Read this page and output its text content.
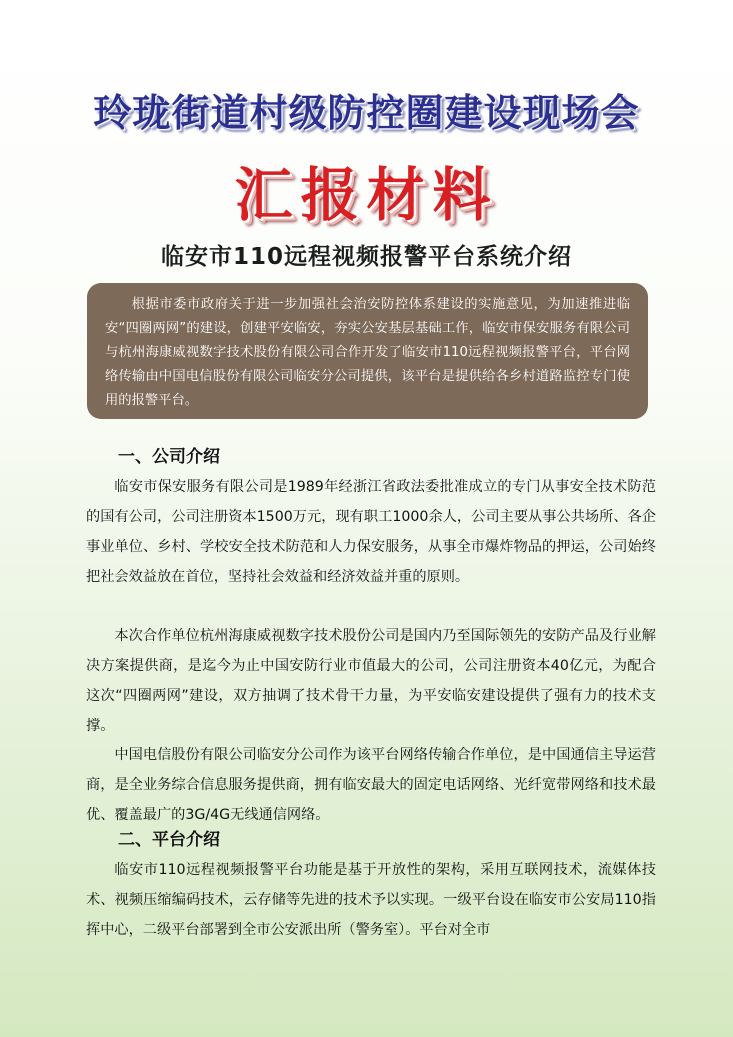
玲珑街道村级防控圈建设现场会
汇报材料
临安市110远程视频报警平台系统介绍
根据市委市政府关于进一步加强社会治安防控体系建设的实施意见，为加速推进临安“四圈两网”的建设，创建平安临安，夯实公安基层基础工作，临安市保安服务有限公司与杭州海康威视数字技术股份有限公司合作开发了临安市110远程视频报警平台，平台网络传输由中国电信股份有限公司临安分公司提供，该平台是提供给各乡村道路监控专门使用的报警平台。
一、公司介绍

临安市保安服务有限公司是1989年经浙江省政法委批准成立的专门从事安全技术防范的国有公司，公司注册资本1500万元，现有职工1000余人，公司主要从事公共场所、各企事业单位、乡村、学校安全技术防范和人力保安服务，从事全市爆炸物品的押运，公司始终把社会效益放在首位，坚持社会效益和经济效益并重的原则。

本次合作单位杭州海康威视数字技术股份公司是国内乃至国际领先的安防产品及行业解决方案提供商，是迄今为止中国安防行业市值最大的公司，公司注册资本40亿元，为配合这次“四圈两网”建设，双方抽调了技术骨干力量，为平安临安建设提供了强有力的技术支撑。

中国电信股份有限公司临安分公司作为该平台网络传输合作单位，是中国通信主导运营商，是全业务综合信息服务提供商，拥有临安最大的固定电话网络、光纤宽带网络和技术最优、覆盖最广的3G/4G无线通信网络。

二、平台介绍

临安市110远程视频报警平台功能是基于开放性的架构，采用互联网技术，流媒体技术、视频压缩编码技术，云存储等先进的技术予以实现。一级平台设在临安市公安局110指挥中心，二级平台部署到全市公安派出所（警务室）。平台对全市
